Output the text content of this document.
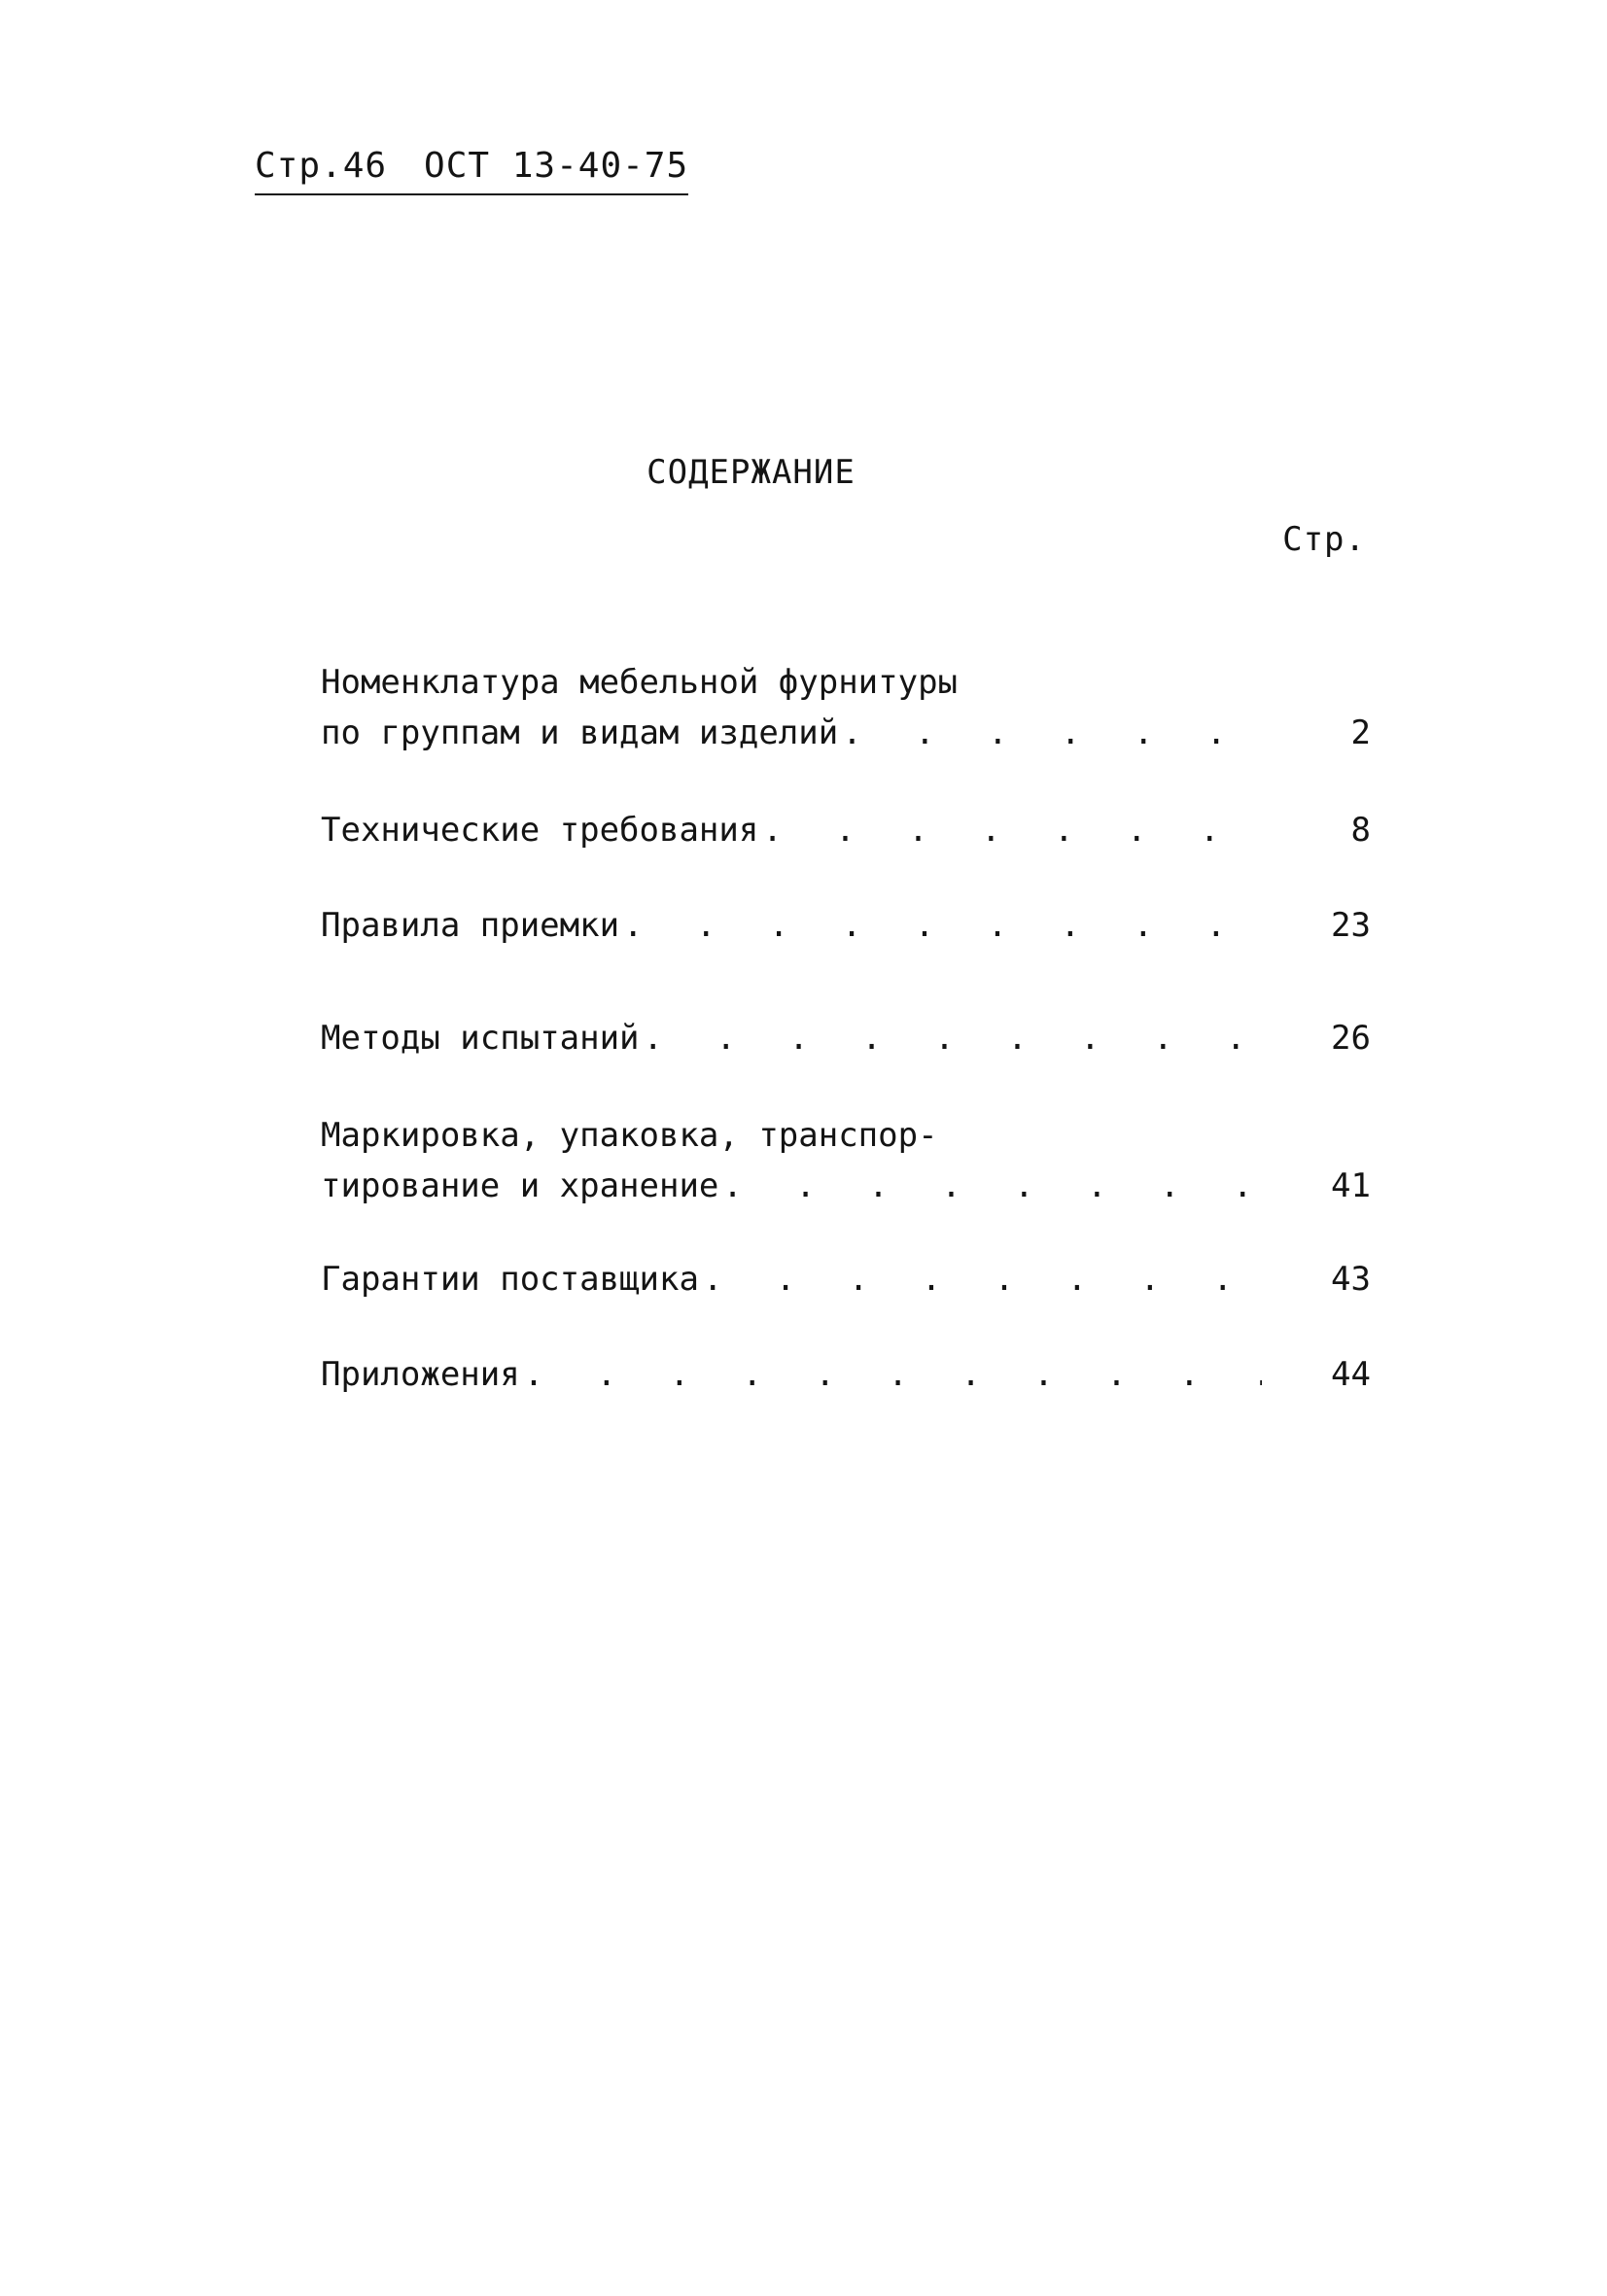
Стр.46 ОСТ 13-40-75
СОДЕРЖАНИЕ
Стр.
Номенклатура мебельной фурнитуры
по группам и видам изделий . . .	2
Технические требования . . .	8
Правила приемки . . .	23
Методы испытаний . . .	26
Маркировка, упаковка, транспор-
тирование и хранение . . .	41
Гарантии поставщика . . .	43
Приложения . . .	44
